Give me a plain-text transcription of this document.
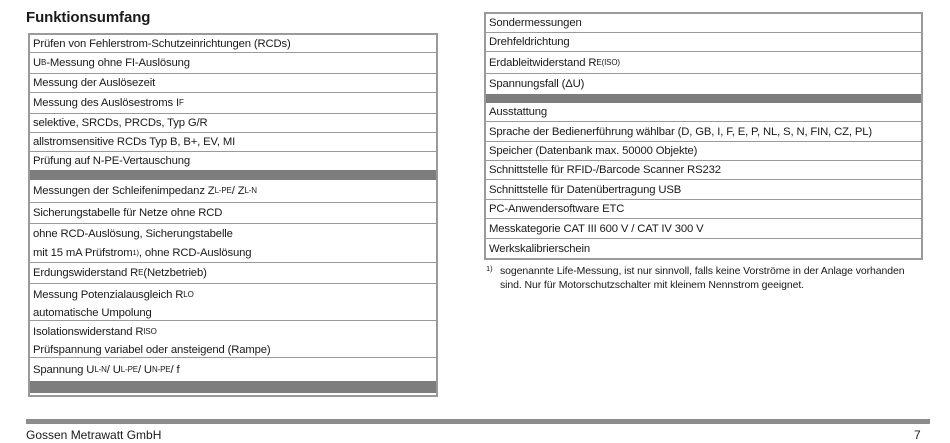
Funktionsumfang
Prüfen von Fehlerstrom-Schutzeinrichtungen (RCDs)
U B -Messung ohne FI-Auslösung
Messung der Auslösezeit
Messung des Auslösestroms I F
selektive, SRCDs, PRCDs, Typ G/R
allstromsensitive RCDs Typ B, B+, EV, MI
Prüfung auf N-PE-Vertauschung
Messungen der Schleifenimpedanz Z L-PE / Z L-N
Sicherungstabelle für Netze ohne RCD
ohne RCD-Auslösung, Sicherungstabelle
mit 15 mA Prüfstrom 1) , ohne RCD-Auslösung
Erdungswiderstand R E (Netzbetrieb)
Messung Potenzialausgleich R LO
automatische Umpolung
Isolationswiderstand R ISO
Prüfspannung variabel oder ansteigend (Rampe)
Spannung U L-N / U L-PE / U N-PE / f
Sondermessungen
Drehfeldrichtung
Erdableitwiderstand R E(ISO)
Spannungsfall (ΔU)
Ausstattung
Sprache der Bedienerführung wählbar (D, GB, I, F, E, P, NL, S, N, FIN, CZ, PL)
Speicher (Datenbank max. 50000 Objekte)
Schnittstelle für RFID-/Barcode Scanner RS232
Schnittstelle für Datenübertragung USB
PC-Anwendersoftware ETC
Messkategorie CAT III 600 V / CAT IV 300 V
Werkskalibrierschein
1) sogenannte Life-Messung, ist nur sinnvoll, falls keine Vorströme in der Anlage vorhanden sind. Nur für Motorschutzschalter mit kleinem Nennstrom geeignet.
Gossen Metrawatt GmbH	7
